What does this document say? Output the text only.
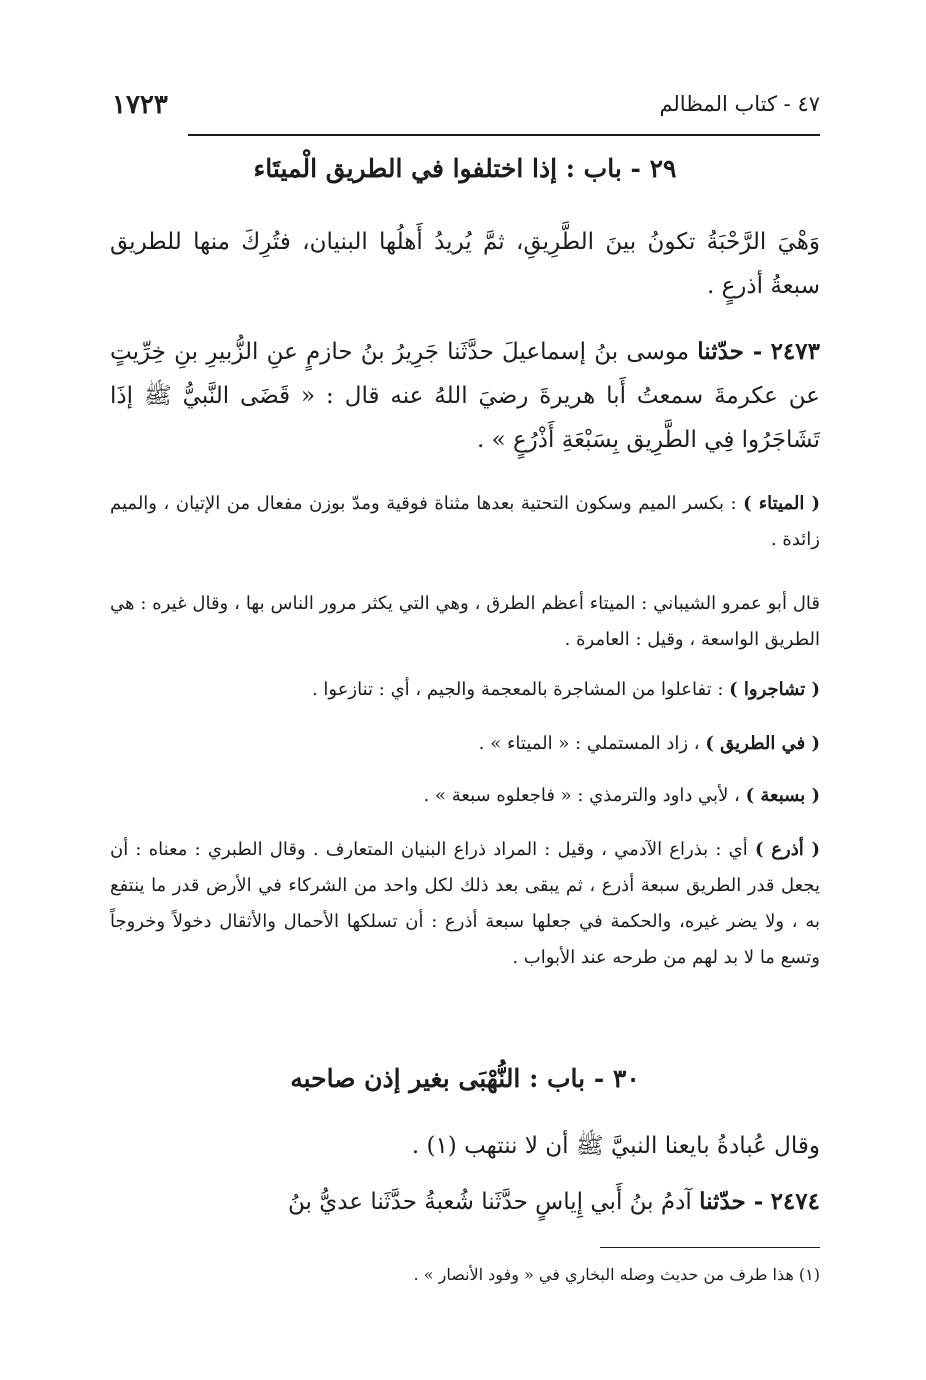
١٧٢٣	٤٧ - كتاب المظالم
٢٩ - باب : إذا اختلفوا في الطريق الْميتَاء
وَهْيَ الرَّحْبَةُ تكونُ بينَ الطَّرِيقِ، ثمَّ يُريدُ أَهلُها البنيان، فتُرِكَ منها للطريق سبعةُ أذرعٍ .
٢٤٧٣ - حدّثنا موسى بنُ إسماعيلَ حدَّثَنا جَرِيرُ بنُ حازمٍ عنِ الزُّبيرِ بنِ خِرِّيتٍ عن عكرمةَ سمعتُ أَبا هريرةَ رضيَ اللهُ عنه قال : « قَضَى النَّبيُّ ﷺ إذَا تَشَاجَرُوا فِي الطَّرِيق بِسَبْعَةِ أَذْرُعٍ » .
( الميتاء ) : بكسر الميم وسكون التحتية بعدها مثناة فوقية ومدّ بوزن مفعال من الإتيان ، والميم زائدة .
قال أبو عمرو الشيباني : الميتاء أعظم الطرق ، وهي التي يكثر مرور الناس بها ، وقال غيره : هي الطريق الواسعة ، وقيل : العامرة .
( تشاجروا ) : تفاعلوا من المشاجرة بالمعجمة والجيم ، أي : تنازعوا .
( في الطريق ) ، زاد المستملي : « الميتاء » .
( بسبعة ) ، لأبي داود والترمذي : « فاجعلوه سبعة » .
( أذرع ) أي : بذراع الآدمي ، وقيل : المراد ذراع البنيان المتعارف . وقال الطبري : معناه : أن يجعل قدر الطريق سبعة أذرع ، ثم يبقى بعد ذلك لكل واحد من الشركاء في الأرض قدر ما ينتفع به ، ولا يضر غيره، والحكمة في جعلها سبعة أذرع : أن تسلكها الأحمال والأثقال دخولاً وخروجاً وتسع ما لا بد لهم من طرحه عند الأبواب .
٣٠ - باب : النُّهْبَى بغير إذن صاحبه
وقال عُبادةُ بايعنا النبيَّ ﷺ أن لا ننتهب (١) .
٢٤٧٤ - حدّثنا آدمُ بنُ أَبي إِياسٍ حدَّثَنا شُعبةُ حدَّثَنا عديُّ بنُ
(١) هذا طرف من حديث وصله البخاري في « وفود الأنصار » .
